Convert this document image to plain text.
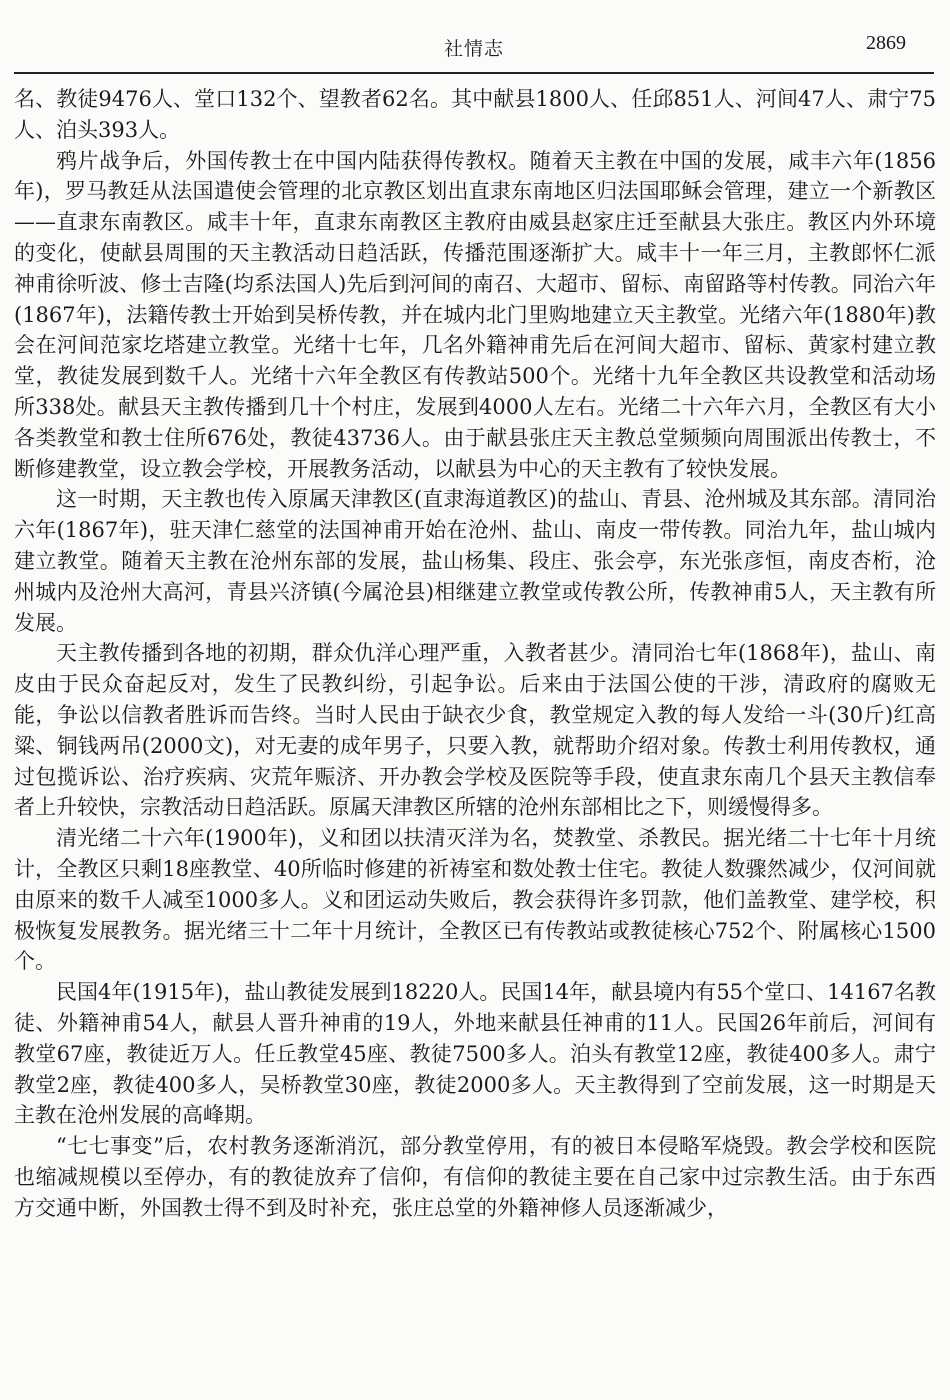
社情志	2869

名、教徒9476人、堂口132个、望教者62名。其中献县1800人、任邱851人、河间47人、肃宁75人、泊头393人。

鸦片战争后，外国传教士在中国内陆获得传教权。随着天主教在中国的发展，咸丰六年(1856年)，罗马教廷从法国遣使会管理的北京教区划出直隶东南地区归法国耶稣会管理，建立一个新教区——直隶东南教区。咸丰十年，直隶东南教区主教府由威县赵家庄迁至献县大张庄。教区内外环境的变化，使献县周围的天主教活动日趋活跃，传播范围逐渐扩大。咸丰十一年三月，主教郎怀仁派神甫徐听波、修士吉隆(均系法国人)先后到河间的南召、大超市、留标、南留路等村传教。同治六年(1867年)，法籍传教士开始到吴桥传教，并在城内北门里购地建立天主教堂。光绪六年(1880年)教会在河间范家圪塔建立教堂。光绪十七年，几名外籍神甫先后在河间大超市、留标、黄家村建立教堂，教徒发展到数千人。光绪十六年全教区有传教站500个。光绪十九年全教区共设教堂和活动场所338处。献县天主教传播到几十个村庄，发展到4000人左右。光绪二十六年六月，全教区有大小各类教堂和教士住所676处，教徒43736人。由于献县张庄天主教总堂频频向周围派出传教士，不断修建教堂，设立教会学校，开展教务活动，以献县为中心的天主教有了较快发展。

这一时期，天主教也传入原属天津教区(直隶海道教区)的盐山、青县、沧州城及其东部。清同治六年(1867年)，驻天津仁慈堂的法国神甫开始在沧州、盐山、南皮一带传教。同治九年，盐山城内建立教堂。随着天主教在沧州东部的发展，盐山杨集、段庄、张会亭，东光张彦恒，南皮杏桁，沧州城内及沧州大高河，青县兴济镇(今属沧县)相继建立教堂或传教公所，传教神甫5人，天主教有所发展。

天主教传播到各地的初期，群众仇洋心理严重，入教者甚少。清同治七年(1868年)，盐山、南皮由于民众奋起反对，发生了民教纠纷，引起争讼。后来由于法国公使的干涉，清政府的腐败无能，争讼以信教者胜诉而告终。当时人民由于缺衣少食，教堂规定入教的每人发给一斗(30斤)红高粱、铜钱两吊(2000文)，对无妻的成年男子，只要入教，就帮助介绍对象。传教士利用传教权，通过包揽诉讼、治疗疾病、灾荒年赈济、开办教会学校及医院等手段，使直隶东南几个县天主教信奉者上升较快，宗教活动日趋活跃。原属天津教区所辖的沧州东部相比之下，则缓慢得多。

清光绪二十六年(1900年)，义和团以扶清灭洋为名，焚教堂、杀教民。据光绪二十七年十月统计，全教区只剩18座教堂、40所临时修建的祈祷室和数处教士住宅。教徒人数骤然减少，仅河间就由原来的数千人减至1000多人。义和团运动失败后，教会获得许多罚款，他们盖教堂、建学校，积极恢复发展教务。据光绪三十二年十月统计，全教区已有传教站或教徒核心752个、附属核心1500个。

民国4年(1915年)，盐山教徒发展到18220人。民国14年，献县境内有55个堂口、14167名教徒、外籍神甫54人，献县人晋升神甫的19人，外地来献县任神甫的11人。民国26年前后，河间有教堂67座，教徒近万人。任丘教堂45座、教徒7500多人。泊头有教堂12座，教徒400多人。肃宁教堂2座，教徒400多人，吴桥教堂30座，教徒2000多人。天主教得到了空前发展，这一时期是天主教在沧州发展的高峰期。

“七七事变”后，农村教务逐渐消沉，部分教堂停用，有的被日本侵略军烧毁。教会学校和医院也缩减规模以至停办，有的教徒放弃了信仰，有信仰的教徒主要在自己家中过宗教生活。由于东西方交通中断，外国教士得不到及时补充，张庄总堂的外籍神修人员逐渐减少，
